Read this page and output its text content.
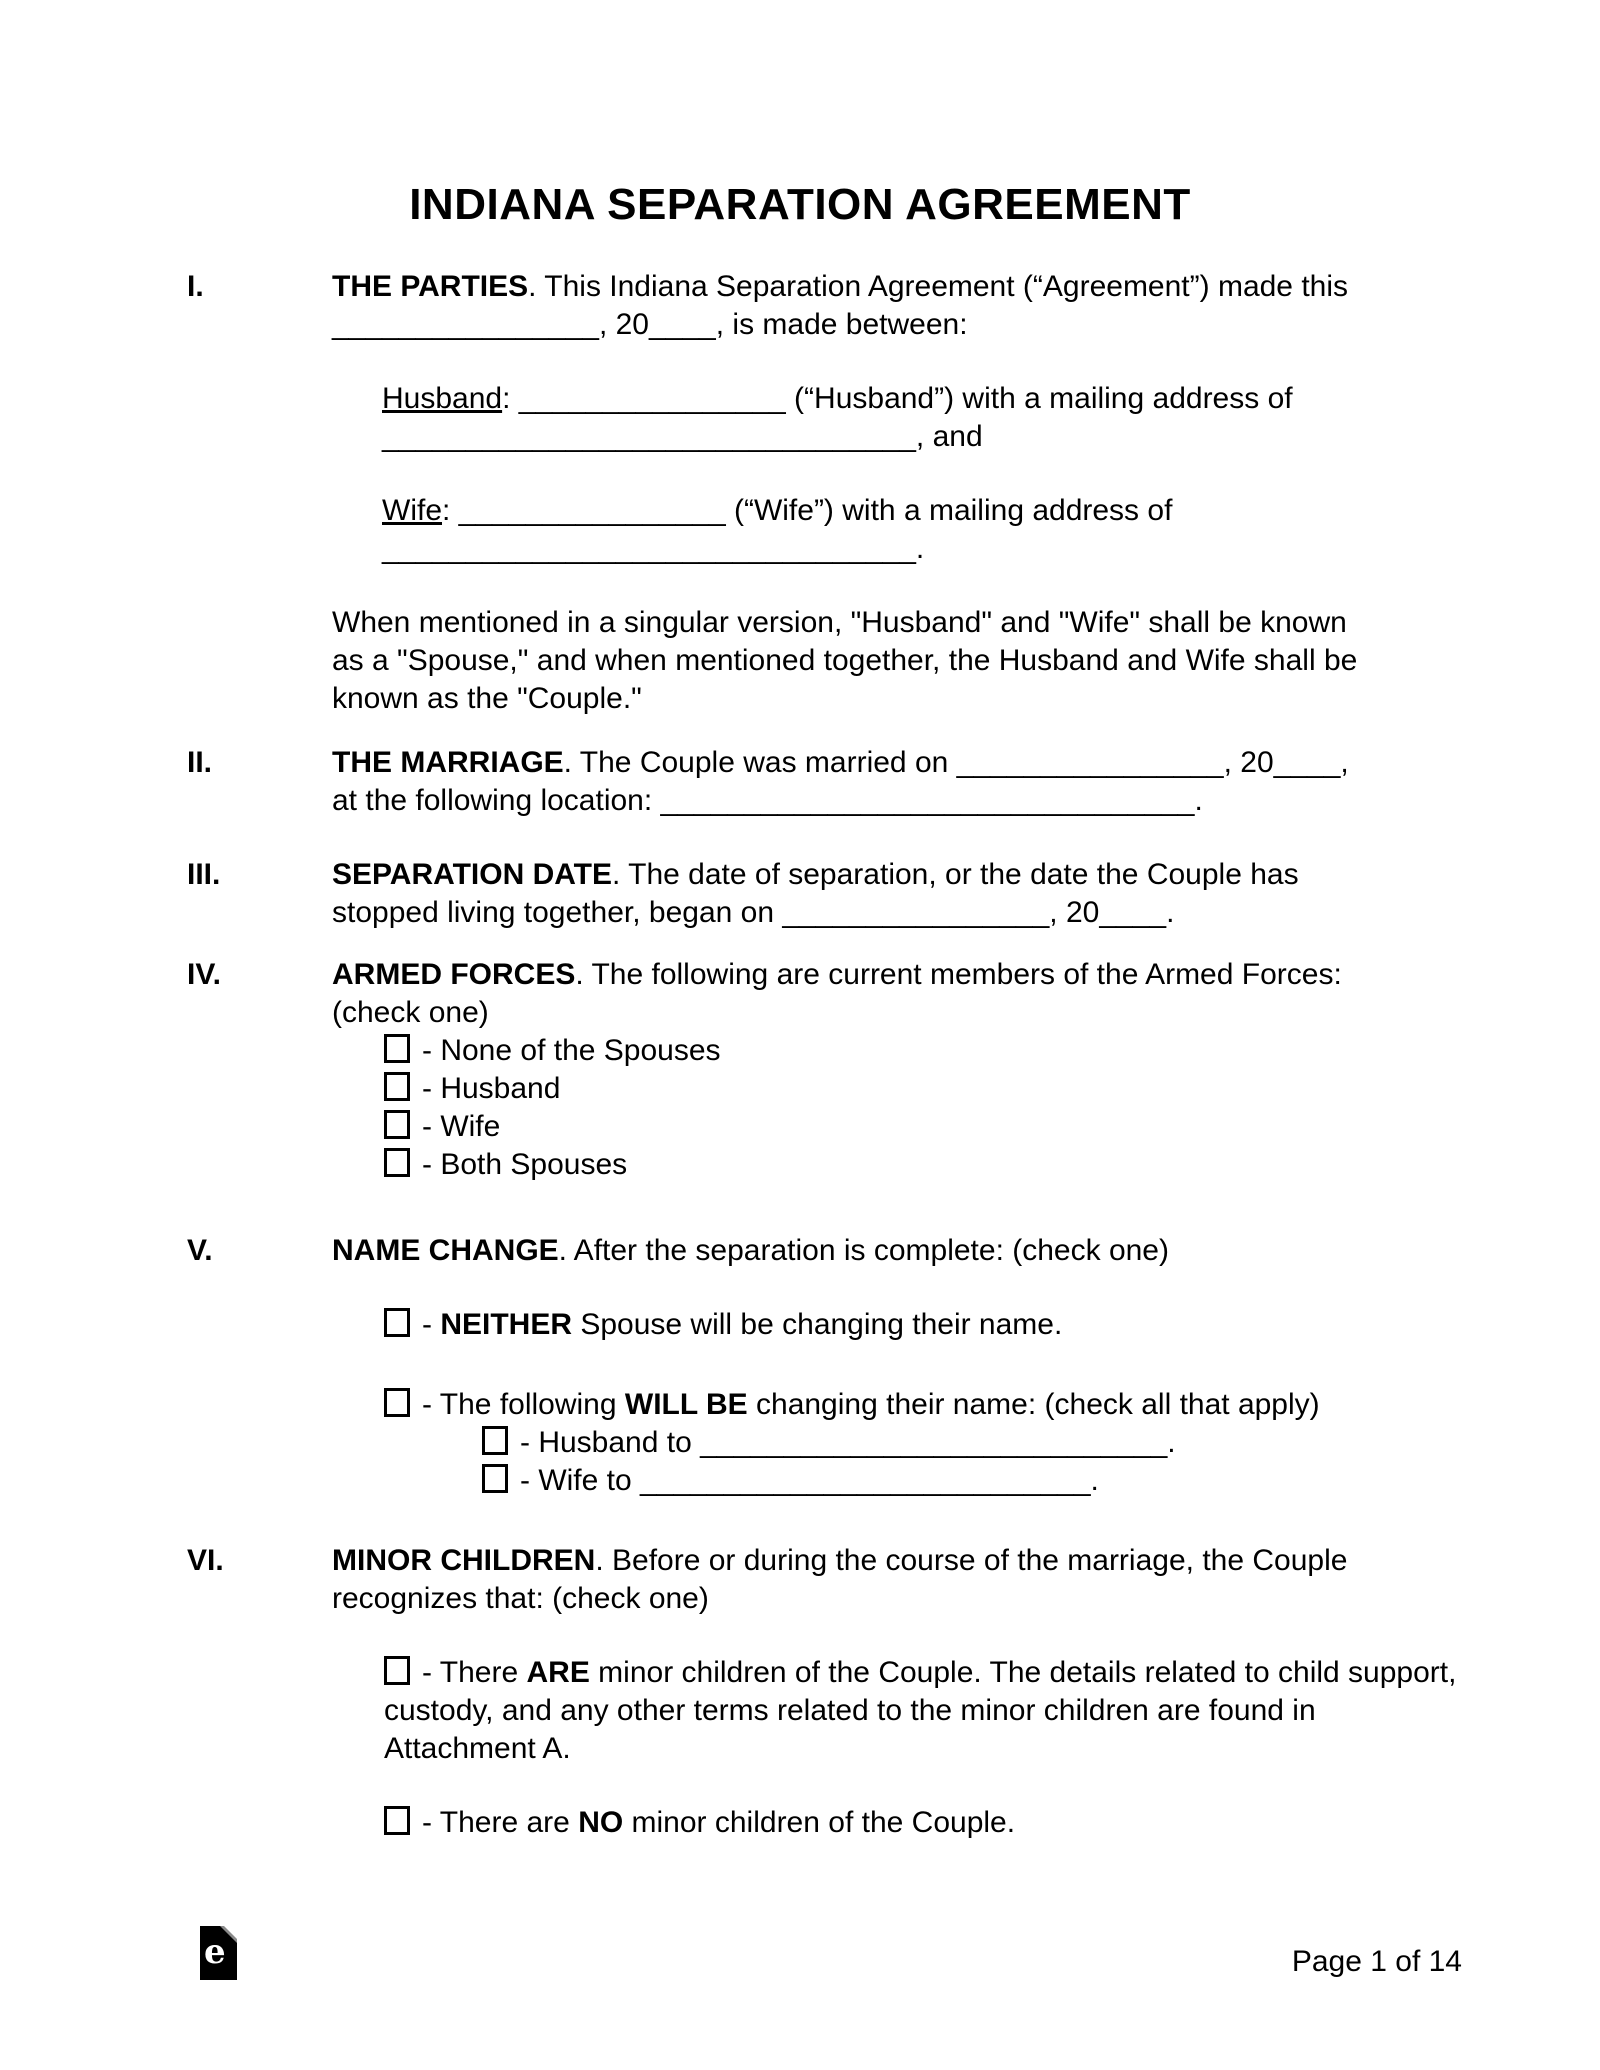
INDIANA SEPARATION AGREEMENT
I.	THE PARTIES. This Indiana Separation Agreement (“Agreement”) made this
________________, 20____, is made between:
Husband: ________________ (“Husband”) with a mailing address of
________________________________, and
Wife: ________________ (“Wife”) with a mailing address of
________________________________.
When mentioned in a singular version, "Husband" and "Wife" shall be known
as a "Spouse," and when mentioned together, the Husband and Wife shall be
known as the "Couple."
II.	THE MARRIAGE. The Couple was married on ________________, 20____,
at the following location: ________________________________.
III.	SEPARATION DATE. The date of separation, or the date the Couple has
stopped living together, began on ________________, 20____.
IV.	ARMED FORCES. The following are current members of the Armed Forces:
(check one)
- None of the Spouses
- Husband
- Wife
- Both Spouses
V.	NAME CHANGE. After the separation is complete: (check one)
- NEITHER Spouse will be changing their name.
- The following WILL BE changing their name: (check all that apply)
- Husband to ____________________________.
- Wife to ___________________________.
VI.	MINOR CHILDREN. Before or during the course of the marriage, the Couple
recognizes that: (check one)
- There ARE minor children of the Couple. The details related to child support, custody, and any other terms related to the minor children are found in Attachment A.
- There are NO minor children of the Couple.
e	Page 1 of 14
